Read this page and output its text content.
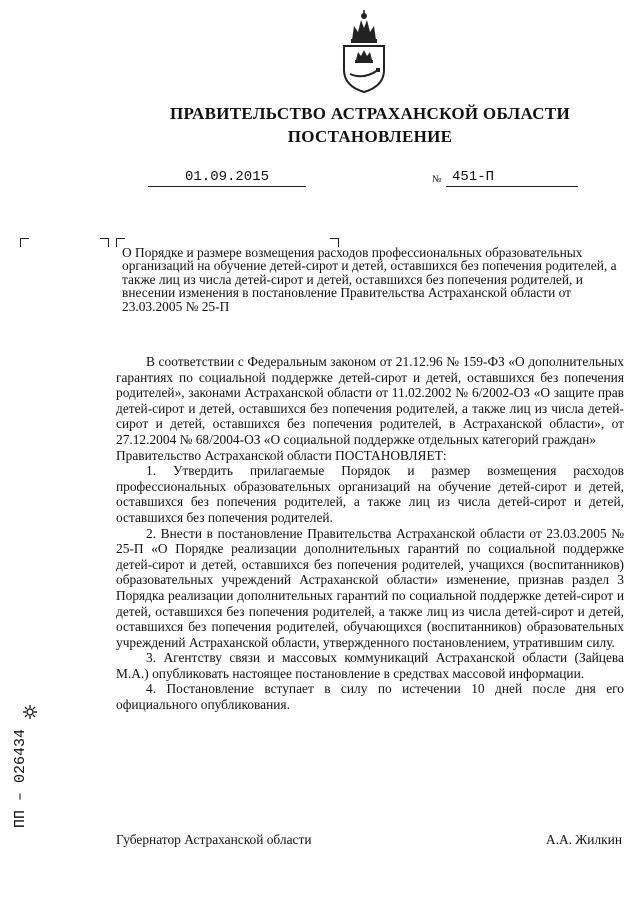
ПРАВИТЕЛЬСТВО АСТРАХАНСКОЙ ОБЛАСТИ
ПОСТАНОВЛЕНИЕ
01.09.2015	№ 451-П
О Порядке и размере возмещения расходов профессиональных образовательных организаций на обучение детей-сирот и детей, оставшихся без попечения родителей, а также лиц из числа детей-сирот и детей, оставшихся без попечения родителей, и внесении изменения в постановление Правительства Астраханской области от 23.03.2005 № 25-П

В соответствии с Федеральным законом от 21.12.96 № 159-ФЗ «О дополнительных гарантиях по социальной поддержке детей-сирот и детей, оставшихся без попечения родителей», законами Астраханской области от 11.02.2002 № 6/2002-ОЗ «О защите прав детей-сирот и детей, оставшихся без попечения родителей, а также лиц из числа детей-сирот и детей, оставшихся без попечения родителей, в Астраханской области», от 27.12.2004 № 68/2004-ОЗ «О социальной поддержке отдельных категорий граждан»

Правительство Астраханской области ПОСТАНОВЛЯЕТ:

1. Утвердить прилагаемые Порядок и размер возмещения расходов профессиональных образовательных организаций на обучение детей-сирот и детей, оставшихся без попечения родителей, а также лиц из числа детей-сирот и детей, оставшихся без попечения родителей.

2. Внести в постановление Правительства Астраханской области от 23.03.2005 № 25-П «О Порядке реализации дополнительных гарантий по социальной поддержке детей-сирот и детей, оставшихся без попечения родителей, учащихся (воспитанников) образовательных учреждений Астраханской области» изменение, признав раздел 3 Порядка реализации дополнительных гарантий по социальной поддержке детей-сирот и детей, оставшихся без попечения родителей, а также лиц из числа детей-сирот и детей, оставшихся без попечения родителей, обучающихся (воспитанников) образовательных учреждений Астраханской области, утвержденного постановлением, утратившим силу.

3. Агентству связи и массовых коммуникаций Астраханской области (Зайцева М.А.) опубликовать настоящее постановление в средствах массовой информации.

4. Постановление вступает в силу по истечении 10 дней после дня его официального опубликования.

Губернатор Астраханской области	А.А. Жилкин
ПП – 026434
